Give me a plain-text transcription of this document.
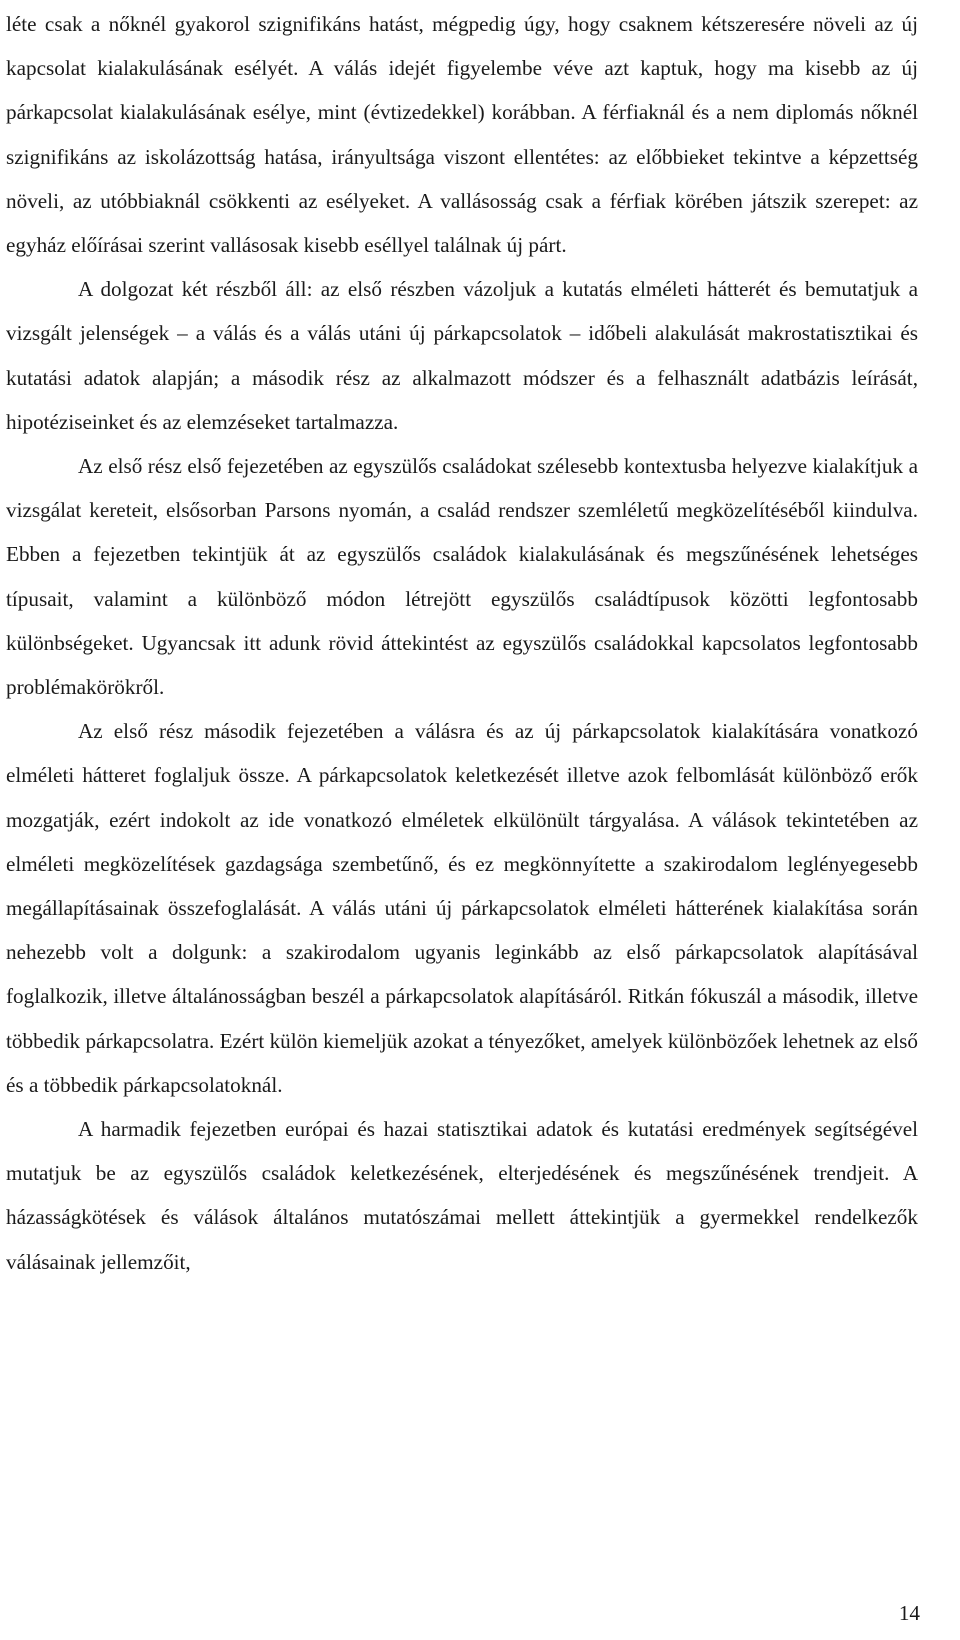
léte csak a nőknél gyakorol szignifikáns hatást, mégpedig úgy, hogy csaknem kétszeresére növeli az új kapcsolat kialakulásának esélyét. A válás idejét figyelembe véve azt kaptuk, hogy ma kisebb az új párkapcsolat kialakulásának esélye, mint (évtizedekkel) korábban. A férfiaknál és a nem diplomás nőknél szignifikáns az iskolázottság hatása, irányultsága viszont ellentétes: az előbbieket tekintve a képzettség növeli, az utóbbiaknál csökkenti az esélyeket. A vallásosság csak a férfiak körében játszik szerepet: az egyház előírásai szerint vallásosak kisebb eséllyel találnak új párt.

A dolgozat két részből áll: az első részben vázoljuk a kutatás elméleti hátterét és bemutatjuk a vizsgált jelenségek – a válás és a válás utáni új párkapcsolatok – időbeli alakulását makrostatisztikai és kutatási adatok alapján; a második rész az alkalmazott módszer és a felhasznált adatbázis leírását, hipotéziseinket és az elemzéseket tartalmazza.

Az első rész első fejezetében az egyszülős családokat szélesebb kontextusba helyezve kialakítjuk a vizsgálat kereteit, elsősorban Parsons nyomán, a család rendszer szemléletű megközelítéséből kiindulva. Ebben a fejezetben tekintjük át az egyszülős családok kialakulásának és megszűnésének lehetséges típusait, valamint a különböző módon létrejött egyszülős családtípusok közötti legfontosabb különbségeket. Ugyancsak itt adunk rövid áttekintést az egyszülős családokkal kapcsolatos legfontosabb problémakörökről.

Az első rész második fejezetében a válásra és az új párkapcsolatok kialakítására vonatkozó elméleti hátteret foglaljuk össze. A párkapcsolatok keletkezését illetve azok felbomlását különböző erők mozgatják, ezért indokolt az ide vonatkozó elméletek elkülönült tárgyalása. A válások tekintetében az elméleti megközelítések gazdagsága szembetűnő, és ez megkönnyítette a szakirodalom leglényegesebb megállapításainak összefoglalását. A válás utáni új párkapcsolatok elméleti hátterének kialakítása során nehezebb volt a dolgunk: a szakirodalom ugyanis leginkább az első párkapcsolatok alapításával foglalkozik, illetve általánosságban beszél a párkapcsolatok alapításáról. Ritkán fókuszál a második, illetve többedik párkapcsolatra. Ezért külön kiemeljük azokat a tényezőket, amelyek különbözőek lehetnek az első és a többedik párkapcsolatoknál.

A harmadik fejezetben európai és hazai statisztikai adatok és kutatási eredmények segítségével mutatjuk be az egyszülős családok keletkezésének, elterjedésének és megszűnésének trendjeit. A házasságkötések és válások általános mutatószámai mellett áttekintjük a gyermekkel rendelkezők válásainak jellemzőit,

14
